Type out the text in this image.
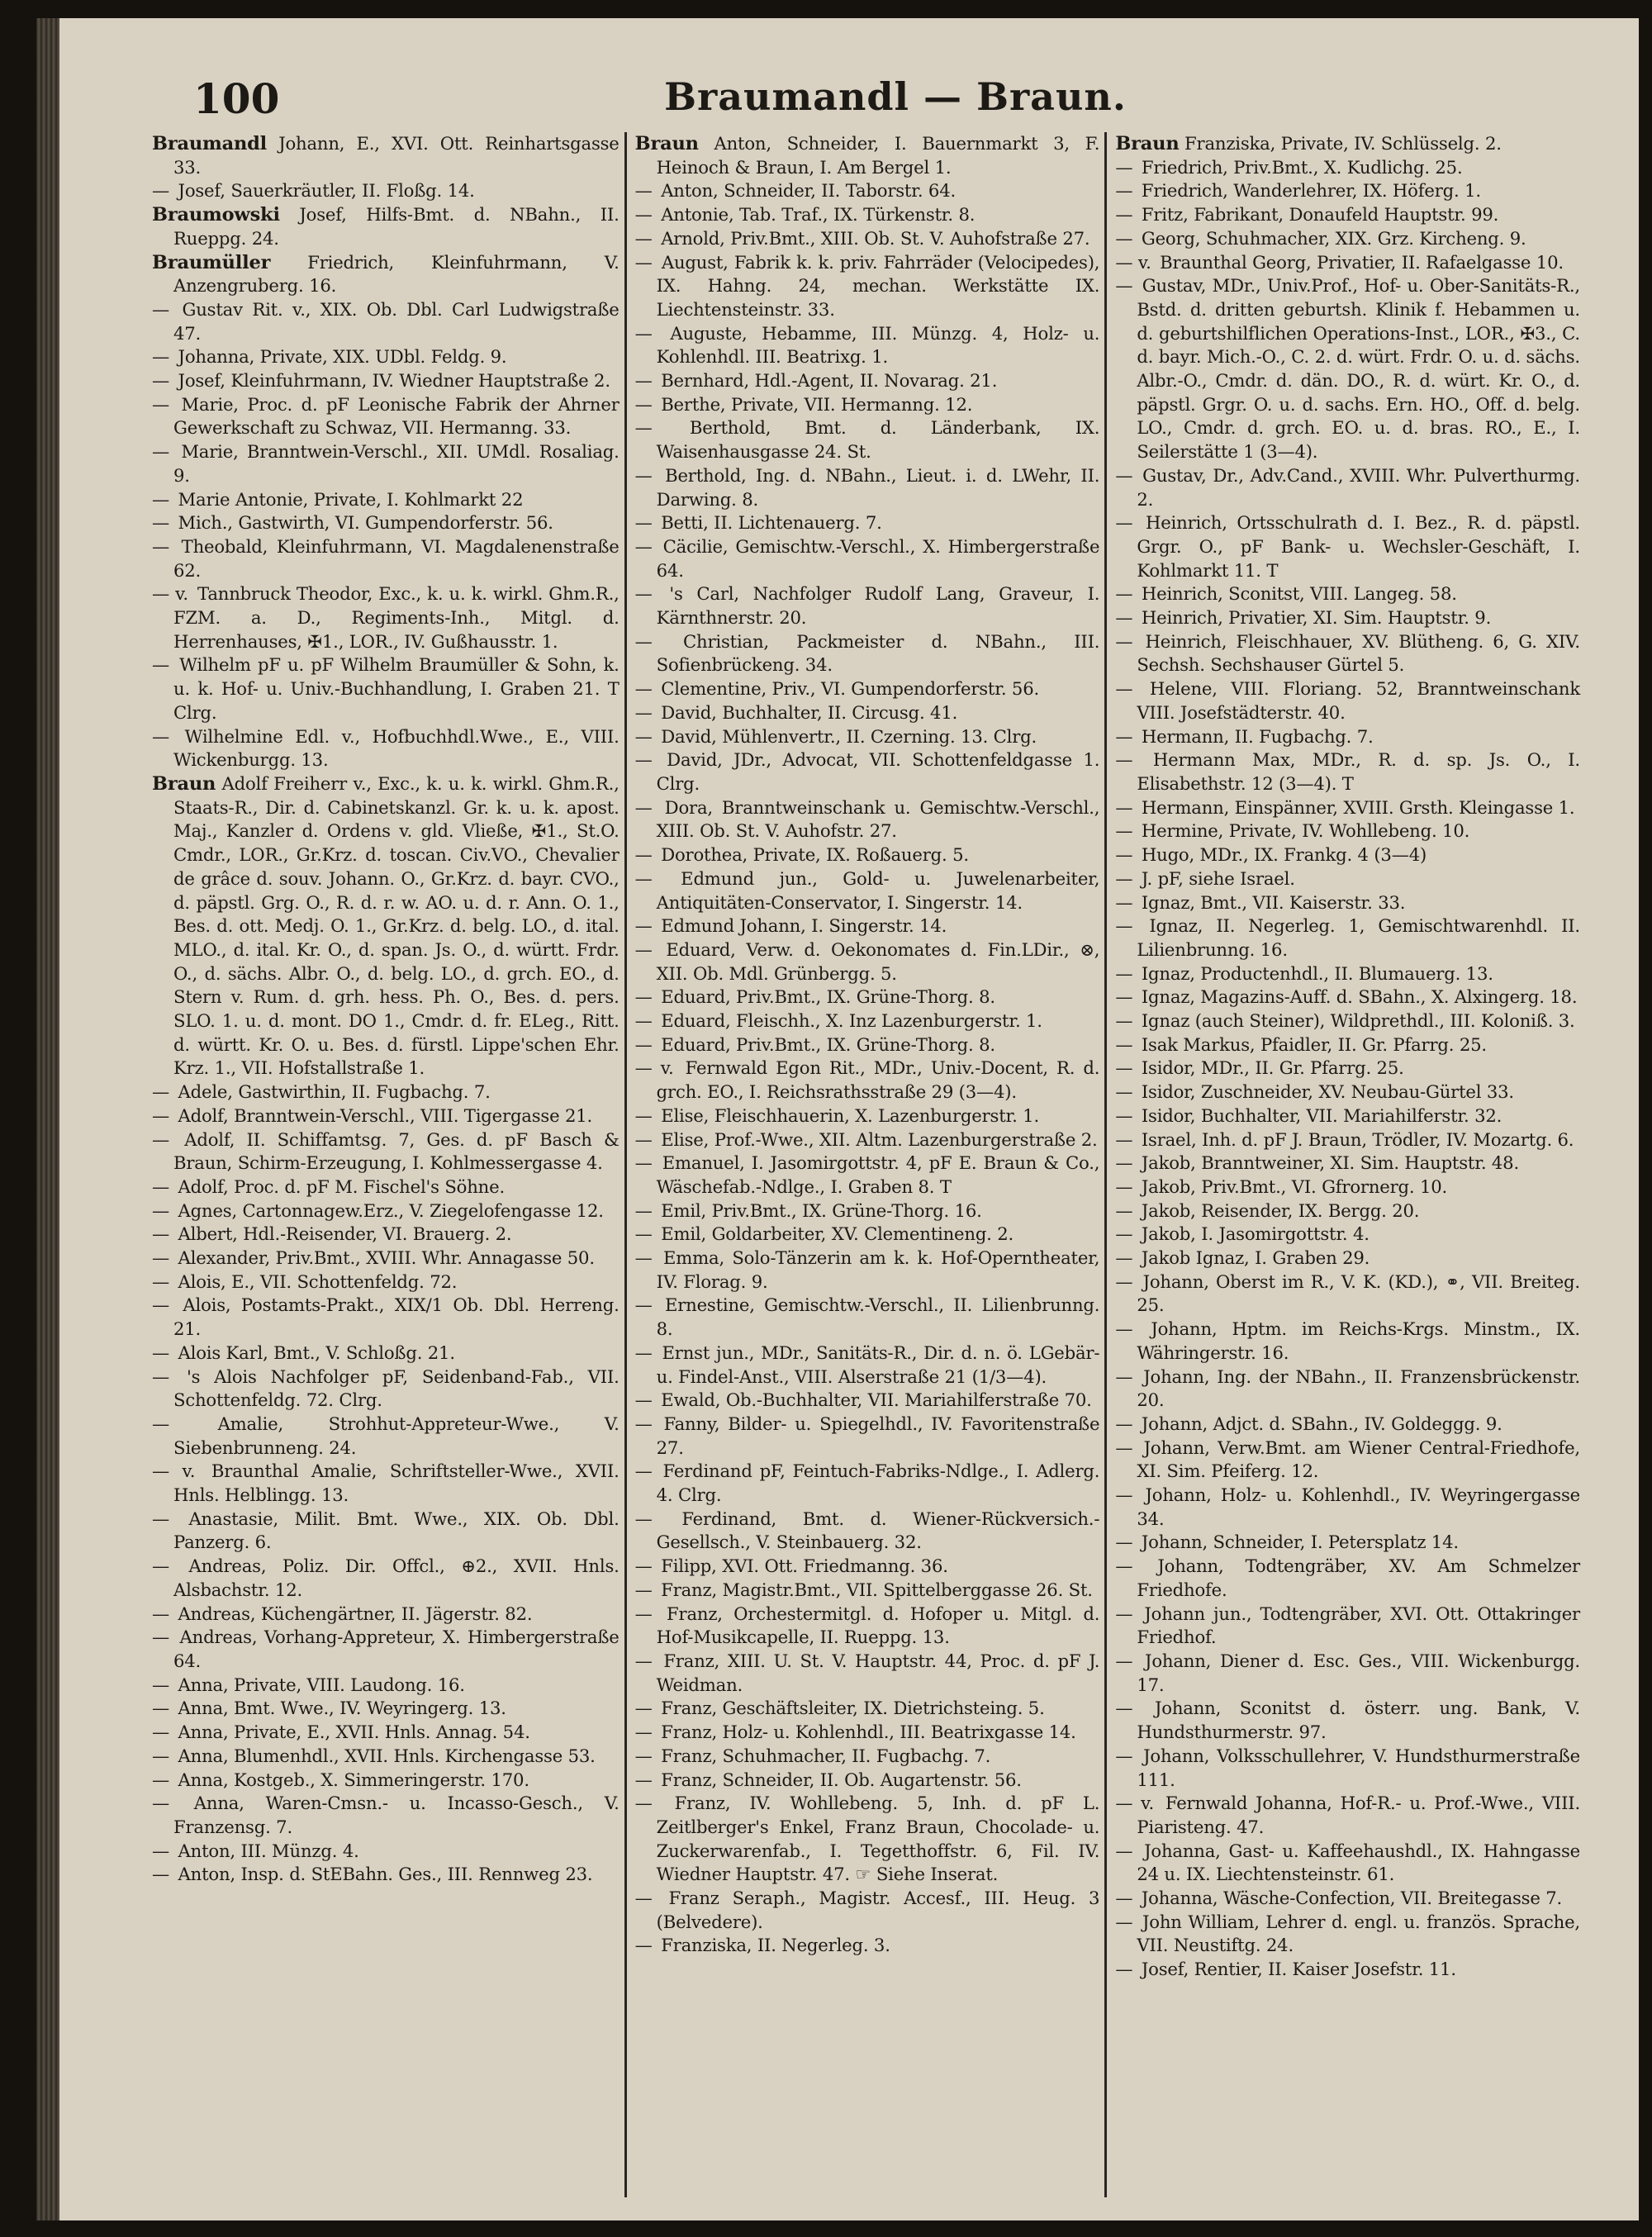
100	Braumandl — Braun.
Braumandl Johann, E., XVI. Ott. Reinhartsgasse 33.
— Josef, Sauerkräutler, II. Floßg. 14.
Braumowski Josef, Hilfs-Bmt. d. NBahn., II. Rueppg. 24.
Braumüller Friedrich, Kleinfuhrmann, V. Anzengruberg. 16.
— Gustav Rit. v., XIX. Ob. Dbl. Carl Ludwigstraße 47.
— Johanna, Private, XIX. UDbl. Feldg. 9.
— Josef, Kleinfuhrmann, IV. Wiedner Hauptstraße 2.
— Marie, Proc. d. pF Leonische Fabrik der Ahrner Gewerkschaft zu Schwaz, VII. Hermanng. 33.
— Marie, Branntwein-Verschl., XII. UMdl. Rosaliag. 9.
— Marie Antonie, Private, I. Kohlmarkt 22
— Mich., Gastwirth, VI. Gumpendorferstr. 56.
— Theobald, Kleinfuhrmann, VI. Magdalenenstraße 62.
— v. Tannbruck Theodor, Exc., k. u. k. wirkl. Ghm.R., FZM. a. D., Regiments-Inh., Mitgl. d. Herrenhauses, ✠1., LOR., IV. Gußhausstr. 1.
— Wilhelm pF u. pF Wilhelm Braumüller & Sohn, k. u. k. Hof- u. Univ.-Buchhandlung, I. Graben 21. T Clrg.
— Wilhelmine Edl. v., Hofbuchhdl.Wwe., E., VIII. Wickenburgg. 13.
Braun Adolf Freiherr v., Exc., k. u. k. wirkl. Ghm.R., Staats-R., Dir. d. Cabinetskanzl. Gr. k. u. k. apost. Maj., Kanzler d. Ordens v. gld. Vließe, ✠1., St.O. Cmdr., LOR., Gr.Krz. d. toscan. Civ.VO., Chevalier de grâce d. souv. Johann. O., Gr.Krz. d. bayr. CVO., d. päpstl. Grg. O., R. d. r. w. AO. u. d. r. Ann. O. 1., Bes. d. ott. Medj. O. 1., Gr.Krz. d. belg. LO., d. ital. MLO., d. ital. Kr. O., d. span. Js. O., d. württ. Frdr. O., d. sächs. Albr. O., d. belg. LO., d. grch. EO., d. Stern v. Rum. d. grh. hess. Ph. O., Bes. d. pers. SLO. 1. u. d. mont. DO 1., Cmdr. d. fr. ELeg., Ritt. d. württ. Kr. O. u. Bes. d. fürstl. Lippe'schen Ehr. Krz. 1., VII. Hofstallstraße 1.
— Adele, Gastwirthin, II. Fugbachg. 7.
— Adolf, Branntwein-Verschl., VIII. Tigergasse 21.
— Adolf, II. Schiffamtsg. 7, Ges. d. pF Basch & Braun, Schirm-Erzeugung, I. Kohlmessergasse 4.
— Adolf, Proc. d. pF M. Fischel's Söhne.
— Agnes, Cartonnagew.Erz., V. Ziegelofengasse 12.
— Albert, Hdl.-Reisender, VI. Brauerg. 2.
— Alexander, Priv.Bmt., XVIII. Whr. Annagasse 50.
— Alois, E., VII. Schottenfeldg. 72.
— Alois, Postamts-Prakt., XIX/1 Ob. Dbl. Herreng. 21.
— Alois Karl, Bmt., V. Schloßg. 21.
— 's Alois Nachfolger pF, Seidenband-Fab., VII. Schottenfeldg. 72. Clrg.
— Amalie, Strohhut-Appreteur-Wwe., V. Siebenbrunneng. 24.
— v. Braunthal Amalie, Schriftsteller-Wwe., XVII. Hnls. Helblingg. 13.
— Anastasie, Milit. Bmt. Wwe., XIX. Ob. Dbl. Panzerg. 6.
— Andreas, Poliz. Dir. Offcl., ⊕2., XVII. Hnls. Alsbachstr. 12.
— Andreas, Küchengärtner, II. Jägerstr. 82.
— Andreas, Vorhang-Appreteur, X. Himbergerstraße 64.
— Anna, Private, VIII. Laudong. 16.
— Anna, Bmt. Wwe., IV. Weyringerg. 13.
— Anna, Private, E., XVII. Hnls. Annag. 54.
— Anna, Blumenhdl., XVII. Hnls. Kirchengasse 53.
— Anna, Kostgeb., X. Simmeringerstr. 170.
— Anna, Waren-Cmsn.- u. Incasso-Gesch., V. Franzensg. 7.
— Anton, III. Münzg. 4.
— Anton, Insp. d. StEBahn. Ges., III. Rennweg 23.
Braun Anton, Schneider, I. Bauernmarkt 3, F. Heinoch & Braun, I. Am Bergel 1.
— Anton, Schneider, II. Taborstr. 64.
— Antonie, Tab. Traf., IX. Türkenstr. 8.
— Arnold, Priv.Bmt., XIII. Ob. St. V. Auhofstraße 27.
— August, Fabrik k. k. priv. Fahrräder (Velocipedes), IX. Hahng. 24, mechan. Werkstätte IX. Liechtensteinstr. 33.
— Auguste, Hebamme, III. Münzg. 4, Holz- u. Kohlenhdl. III. Beatrixg. 1.
— Bernhard, Hdl.-Agent, II. Novarag. 21.
— Berthe, Private, VII. Hermanng. 12.
— Berthold, Bmt. d. Länderbank, IX. Waisenhausgasse 24. St.
— Berthold, Ing. d. NBahn., Lieut. i. d. LWehr, II. Darwing. 8.
— Betti, II. Lichtenauerg. 7.
— Cäcilie, Gemischtw.-Verschl., X. Himbergerstraße 64.
— 's Carl, Nachfolger Rudolf Lang, Graveur, I. Kärnthnerstr. 20.
— Christian, Packmeister d. NBahn., III. Sofienbrückeng. 34.
— Clementine, Priv., VI. Gumpendorferstr. 56.
— David, Buchhalter, II. Circusg. 41.
— David, Mühlenvertr., II. Czerning. 13. Clrg.
— David, JDr., Advocat, VII. Schottenfeldgasse 1. Clrg.
— Dora, Branntweinschank u. Gemischtw.-Verschl., XIII. Ob. St. V. Auhofstr. 27.
— Dorothea, Private, IX. Roßauerg. 5.
— Edmund jun., Gold- u. Juwelenarbeiter, Antiquitäten-Conservator, I. Singerstr. 14.
— Edmund Johann, I. Singerstr. 14.
— Eduard, Verw. d. Oekonomates d. Fin.LDir., ⊗, XII. Ob. Mdl. Grünbergg. 5.
— Eduard, Priv.Bmt., IX. Grüne-Thorg. 8.
— Eduard, Fleischh., X. Inz Lazenburgerstr. 1.
— Eduard, Priv.Bmt., IX. Grüne-Thorg. 8.
— v. Fernwald Egon Rit., MDr., Univ.-Docent, R. d. grch. EO., I. Reichsrathsstraße 29 (3—4).
— Elise, Fleischhauerin, X. Lazenburgerstr. 1.
— Elise, Prof.-Wwe., XII. Altm. Lazenburgerstraße 2.
— Emanuel, I. Jasomirgottstr. 4, pF E. Braun & Co., Wäschefab.-Ndlge., I. Graben 8. T
— Emil, Priv.Bmt., IX. Grüne-Thorg. 16.
— Emil, Goldarbeiter, XV. Clementineng. 2.
— Emma, Solo-Tänzerin am k. k. Hof-Operntheater, IV. Florag. 9.
— Ernestine, Gemischtw.-Verschl., II. Lilienbrunng. 8.
— Ernst jun., MDr., Sanitäts-R., Dir. d. n. ö. LGebär- u. Findel-Anst., VIII. Alserstraße 21 (1/3—4).
— Ewald, Ob.-Buchhalter, VII. Mariahilferstraße 70.
— Fanny, Bilder- u. Spiegelhdl., IV. Favoritenstraße 27.
— Ferdinand pF, Feintuch-Fabriks-Ndlge., I. Adlerg. 4. Clrg.
— Ferdinand, Bmt. d. Wiener-Rückversich.-Gesellsch., V. Steinbauerg. 32.
— Filipp, XVI. Ott. Friedmanng. 36.
— Franz, Magistr.Bmt., VII. Spittelberggasse 26. St.
— Franz, Orchestermitgl. d. Hofoper u. Mitgl. d. Hof-Musikcapelle, II. Rueppg. 13.
— Franz, XIII. U. St. V. Hauptstr. 44, Proc. d. pF J. Weidman.
— Franz, Geschäftsleiter, IX. Dietrichsteing. 5.
— Franz, Holz- u. Kohlenhdl., III. Beatrixgasse 14.
— Franz, Schuhmacher, II. Fugbachg. 7.
— Franz, Schneider, II. Ob. Augartenstr. 56.
— Franz, IV. Wohllebeng. 5, Inh. d. pF L. Zeitlberger's Enkel, Franz Braun, Chocolade- u. Zuckerwarenfab., I. Tegetthoffstr. 6, Fil. IV. Wiedner Hauptstr. 47. ☞ Siehe Inserat.
— Franz Seraph., Magistr. Accesf., III. Heug. 3 (Belvedere).
— Franziska, II. Negerleg. 3.
Braun Franziska, Private, IV. Schlüsselg. 2.
— Friedrich, Priv.Bmt., X. Kudlichg. 25.
— Friedrich, Wanderlehrer, IX. Höferg. 1.
— Fritz, Fabrikant, Donaufeld Hauptstr. 99.
— Georg, Schuhmacher, XIX. Grz. Kircheng. 9.
— v. Braunthal Georg, Privatier, II. Rafaelgasse 10.
— Gustav, MDr., Univ.Prof., Hof- u. Ober-Sanitäts-R., Bstd. d. dritten geburtsh. Klinik f. Hebammen u. d. geburtshilflichen Operations-Inst., LOR., ✠3., C. d. bayr. Mich.-O., C. 2. d. würt. Frdr. O. u. d. sächs. Albr.-O., Cmdr. d. dän. DO., R. d. würt. Kr. O., d. päpstl. Grgr. O. u. d. sachs. Ern. HO., Off. d. belg. LO., Cmdr. d. grch. EO. u. d. bras. RO., E., I. Seilerstätte 1 (3—4).
— Gustav, Dr., Adv.Cand., XVIII. Whr. Pulverthurmg. 2.
— Heinrich, Ortsschulrath d. I. Bez., R. d. päpstl. Grgr. O., pF Bank- u. Wechsler-Geschäft, I. Kohlmarkt 11. T
— Heinrich, Sconitst, VIII. Langeg. 58.
— Heinrich, Privatier, XI. Sim. Hauptstr. 9.
— Heinrich, Fleischhauer, XV. Blütheng. 6, G. XIV. Sechsh. Sechshauser Gürtel 5.
— Helene, VIII. Floriang. 52, Branntweinschank VIII. Josefstädterstr. 40.
— Hermann, II. Fugbachg. 7.
— Hermann Max, MDr., R. d. sp. Js. O., I. Elisabethstr. 12 (3—4). T
— Hermann, Einspänner, XVIII. Grsth. Kleingasse 1.
— Hermine, Private, IV. Wohllebeng. 10.
— Hugo, MDr., IX. Frankg. 4 (3—4)
— J. pF, siehe Israel.
— Ignaz, Bmt., VII. Kaiserstr. 33.
— Ignaz, II. Negerleg. 1, Gemischtwarenhdl. II. Lilienbrunng. 16.
— Ignaz, Productenhdl., II. Blumauerg. 13.
— Ignaz, Magazins-Auff. d. SBahn., X. Alxingerg. 18.
— Ignaz (auch Steiner), Wildprethdl., III. Koloniß. 3.
— Isak Markus, Pfaidler, II. Gr. Pfarrg. 25.
— Isidor, MDr., II. Gr. Pfarrg. 25.
— Isidor, Zuschneider, XV. Neubau-Gürtel 33.
— Isidor, Buchhalter, VII. Mariahilferstr. 32.
— Israel, Inh. d. pF J. Braun, Trödler, IV. Mozartg. 6.
— Jakob, Branntweiner, XI. Sim. Hauptstr. 48.
— Jakob, Priv.Bmt., VI. Gfrornerg. 10.
— Jakob, Reisender, IX. Bergg. 20.
— Jakob, I. Jasomirgottstr. 4.
— Jakob Ignaz, I. Graben 29.
— Johann, Oberst im R., V. K. (KD.), ⚭, VII. Breiteg. 25.
— Johann, Hptm. im Reichs-Krgs. Minstm., IX. Währingerstr. 16.
— Johann, Ing. der NBahn., II. Franzensbrückenstr. 20.
— Johann, Adjct. d. SBahn., IV. Goldeggg. 9.
— Johann, Verw.Bmt. am Wiener Central-Friedhofe, XI. Sim. Pfeiferg. 12.
— Johann, Holz- u. Kohlenhdl., IV. Weyringergasse 34.
— Johann, Schneider, I. Petersplatz 14.
— Johann, Todtengräber, XV. Am Schmelzer Friedhofe.
— Johann jun., Todtengräber, XVI. Ott. Ottakringer Friedhof.
— Johann, Diener d. Esc. Ges., VIII. Wickenburgg. 17.
— Johann, Sconitst d. österr. ung. Bank, V. Hundsthurmerstr. 97.
— Johann, Volksschullehrer, V. Hundsthurmerstraße 111.
— v. Fernwald Johanna, Hof-R.- u. Prof.-Wwe., VIII. Piaristeng. 47.
— Johanna, Gast- u. Kaffeehaushdl., IX. Hahngasse 24 u. IX. Liechtensteinstr. 61.
— Johanna, Wäsche-Confection, VII. Breitegasse 7.
— John William, Lehrer d. engl. u. französ. Sprache, VII. Neustiftg. 24.
— Josef, Rentier, II. Kaiser Josefstr. 11.
